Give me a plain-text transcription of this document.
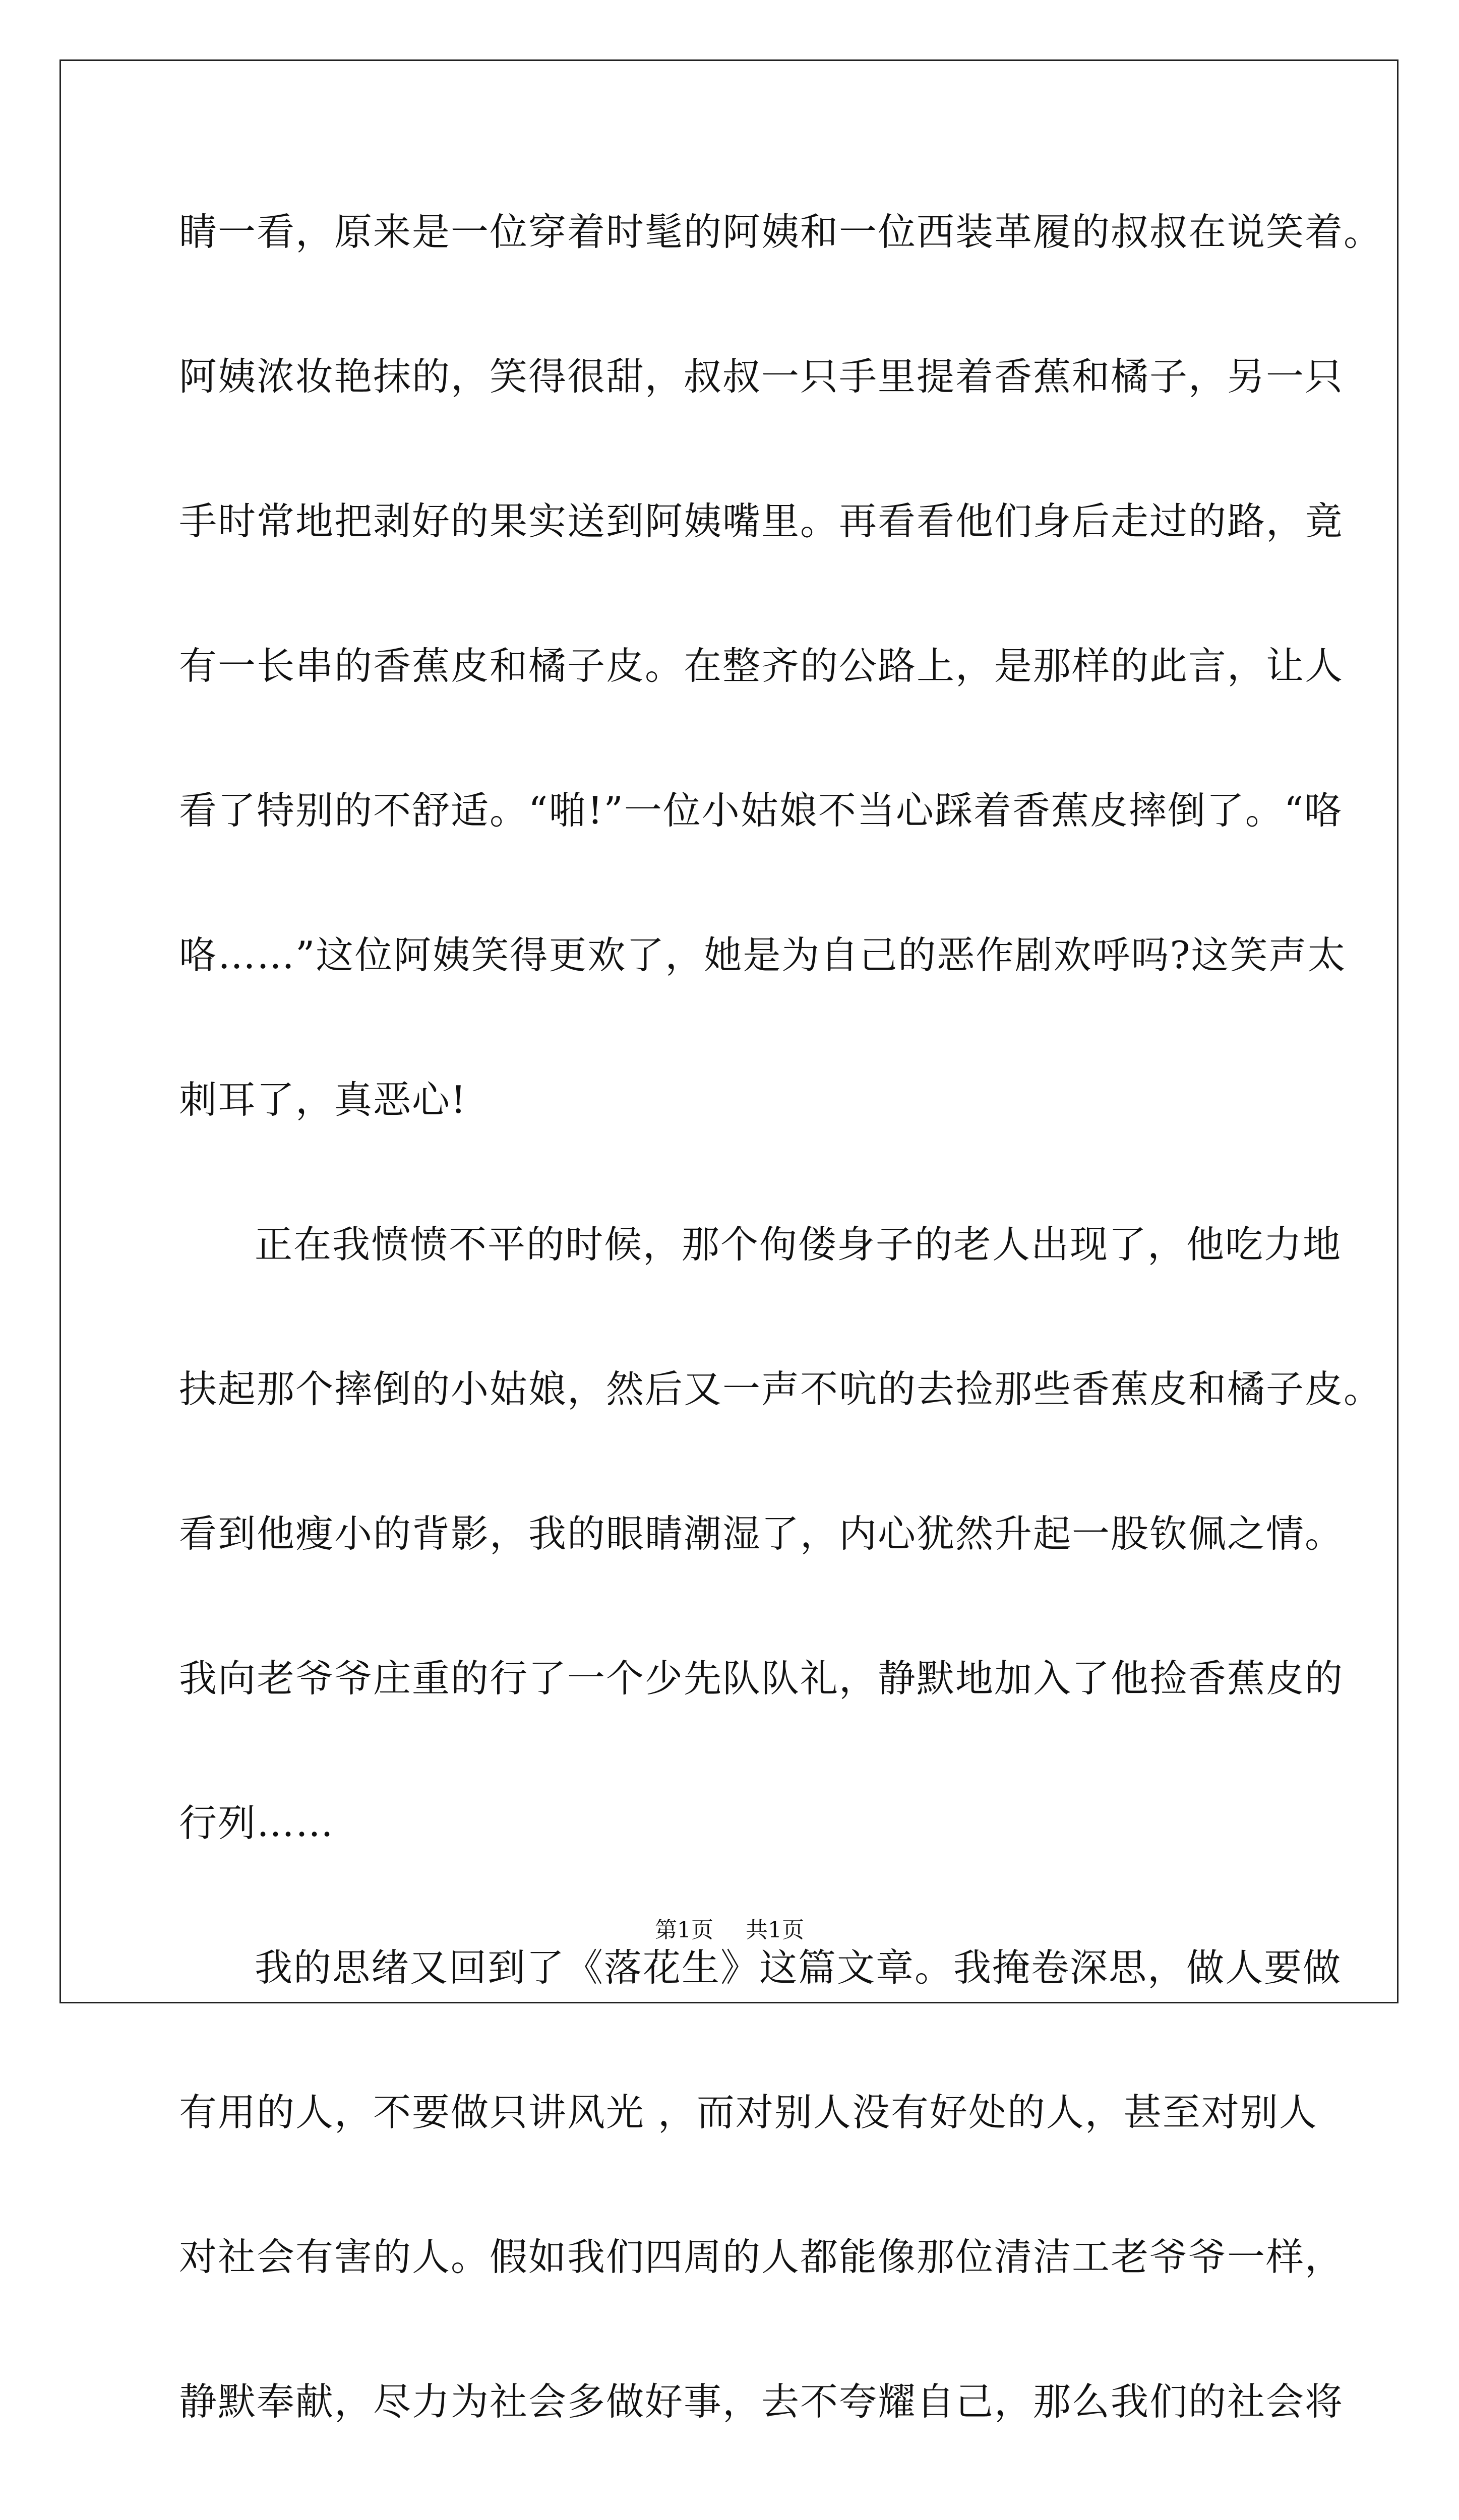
睛一看，原来是一位穿着时髦的阿姨和一位西装革履的叔叔在说笑着。
阿姨浓妆艳抹的，笑得很甜，叔叔一只手里提着香蕉和橘子，另一只
手时常地把剥好的果实送到阿姨嘴里。再看看他们身后走过的路，竟
有一长串的香蕉皮和橘子皮。在整齐的公路上，是那样的此言，让人
看了特别的不舒适。“啪!”一位小姑娘不当心踩着香蕉皮摔倒了。“咯
咯……”这位阿姨笑得更欢了，她是为自己的恶作剧欢呼吗?这笑声太
刺耳了，真恶心!
正在我愤愤不平的时候，那个佝偻身子的老人出现了，他吃力地
扶起那个摔倒的小姑娘，然后又一声不吭的去捡那些香蕉皮和橘子皮。
看到他瘦小的背影，我的眼睛潮湿了，内心犹然升起一股钦佩之情。
我向老爷爷庄重的行了一个少先队队礼，静默地加入了他捡香蕉皮的
行列……
我的思绪又回到了《落花生》这篇文章。我掩卷深思，做人要做
有用的人，不要做只讲风光 ，而对别人没有好处的人，甚至对别人
对社会有害的人。假如我们四周的人都能像那位清洁工老爷爷一样，
静默奉献，尽力为社会多做好事，去不夸耀自己，那么我们的社会将
第1页 共1页
